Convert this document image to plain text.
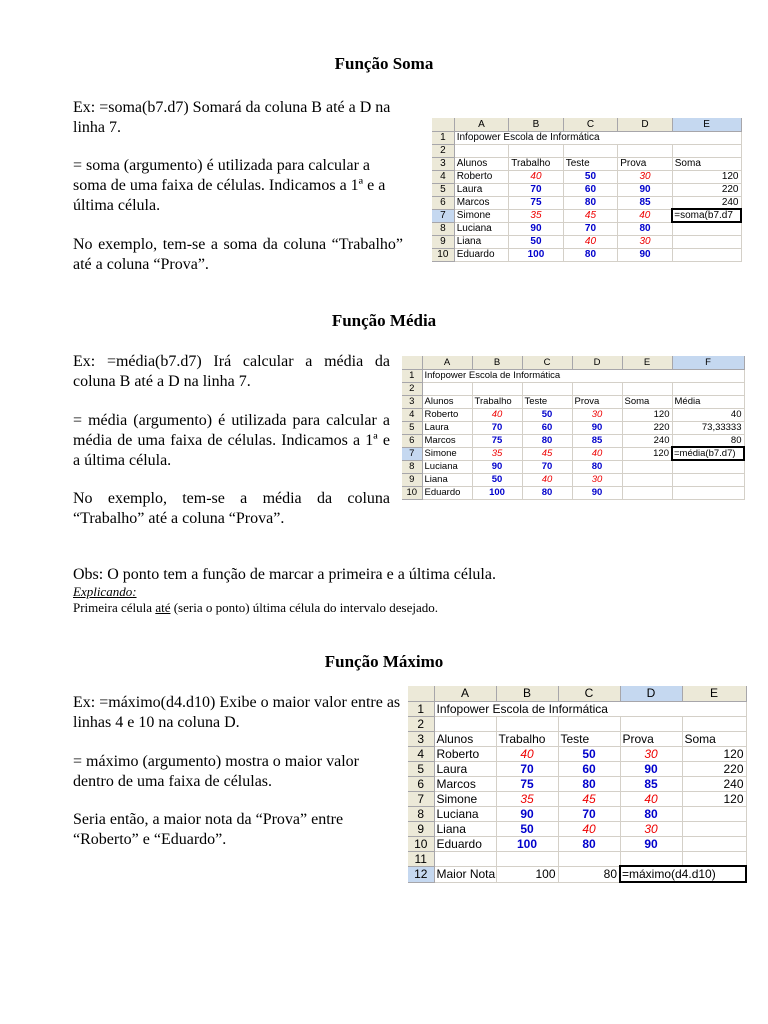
Função Soma

Ex: =soma(b7.d7) Somará da coluna B até a D na linha 7.

= soma (argumento) é utilizada para calcular a soma de uma faixa de células. Indicamos a 1ª e a última célula.

No exemplo, tem-se a soma da coluna “Trabalho” até a coluna “Prova”.

	A	B	C	D	E
1	Infopower Escola de Informática				
2					
3	Alunos	Trabalho	Teste	Prova	Soma
4	Roberto	40	50	30	120
5	Laura	70	60	90	220
6	Marcos	75	80	85	240
7	Simone	35	45	40	=soma(b7.d7
8	Luciana	90	70	80	
9	Liana	50	40	30	
10	Eduardo	100	80	90	
Função Média

Ex: =média(b7.d7) Irá calcular a média da coluna B até a D na linha 7.

= média (argumento) é utilizada para calcular a média de uma faixa de células. Indicamos a 1ª e a última célula.

No exemplo, tem-se a média da coluna “Trabalho” até a coluna “Prova”.

	A	B	C	D	E	F
1	Infopower Escola de Informática					
2						
3	Alunos	Trabalho	Teste	Prova	Soma	Média
4	Roberto	40	50	30	120	40
5	Laura	70	60	90	220	73,33333
6	Marcos	75	80	85	240	80
7	Simone	35	45	40	120	=média(b7.d7)
8	Luciana	90	70	80		
9	Liana	50	40	30		
10	Eduardo	100	80	90		

Obs: O ponto tem a função de marcar a primeira e a última célula.

Explicando:

Primeira célula até (seria o ponto) última célula do intervalo desejado.

Função Máximo

Ex: =máximo(d4.d10) Exibe o maior valor entre as linhas 4 e 10 na coluna D.

= máximo (argumento) mostra o maior valor dentro de uma faixa de células.

Seria então, a maior nota da “Prova” entre “Roberto” e “Eduardo”.

	A	B	C	D	E
1	Infopower Escola de Informática				
2					
3	Alunos	Trabalho	Teste	Prova	Soma
4	Roberto	40	50	30	120
5	Laura	70	60	90	220
6	Marcos	75	80	85	240
7	Simone	35	45	40	120
8	Luciana	90	70	80	
9	Liana	50	40	30	
10	Eduardo	100	80	90	
11					
12	Maior Nota	100	80	=máximo(d4.d10)	
